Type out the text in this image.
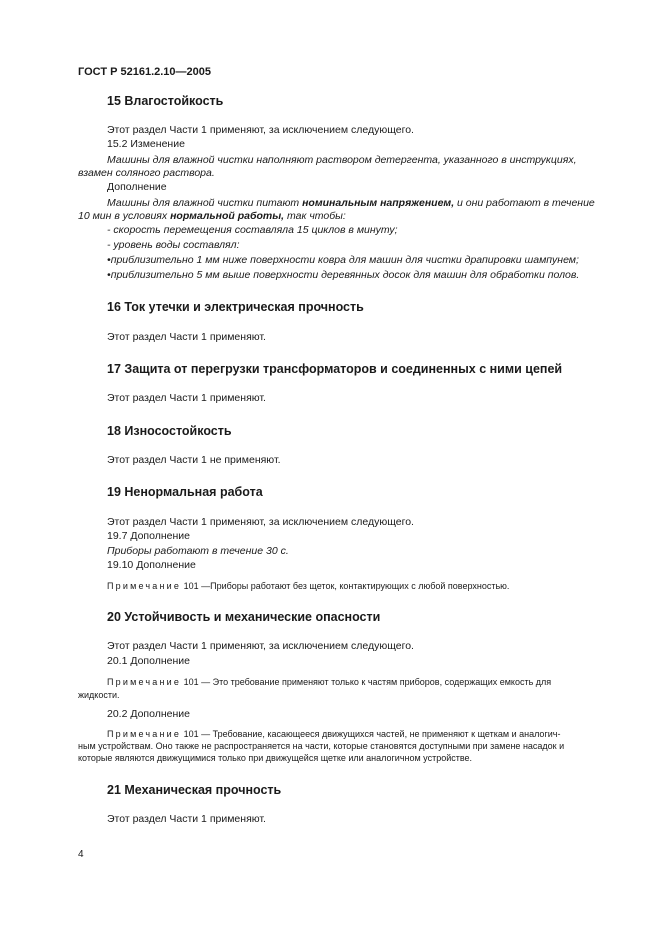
ГОСТ Р 52161.2.10—2005
15 Влагостойкость
Этот раздел Части 1 применяют, за исключением следующего.
15.2 Изменение
Машины для влажной чистки наполняют раствором детергента, указанного в инструкциях,
взамен соляного раствора.
Дополнение
Машины для влажной чистки питают номинальным напряжением, и они работают в течение
10 мин в условиях нормальной работы, так чтобы:
- скорость перемещения составляла 15 циклов в минуту;
- уровень воды составлял:
•приблизительно 1 мм ниже поверхности ковра для машин для чистки драпировки шампунем;
•приблизительно 5 мм выше поверхности деревянных досок для машин для обработки полов.
16 Ток утечки и электрическая прочность
Этот раздел Части 1 применяют.
17 Защита от перегрузки трансформаторов и соединенных с ними цепей
Этот раздел Части 1 применяют.
18 Износостойкость
Этот раздел Части 1 не применяют.
19 Ненормальная работа
Этот раздел Части 1 применяют, за исключением следующего.
19.7 Дополнение
Приборы работают в течение 30 с.
19.10 Дополнение
Примечание 101 —Приборы работают без щеток, контактирующих с любой поверхностью.
20 Устойчивость и механические опасности
Этот раздел Части 1 применяют, за исключением следующего.
20.1 Дополнение
Примечание 101 — Это требование применяют только к частям приборов, содержащих емкость для
жидкости.
20.2 Дополнение
Примечание 101 — Требование, касающееся движущихся частей, не применяют к щеткам и аналогич-
ным устройствам. Оно также не распространяется на части, которые становятся доступными при замене насадок и
которые являются движущимися только при движущейся щетке или аналогичном устройстве.
21 Механическая прочность
Этот раздел Части 1 применяют.
4
